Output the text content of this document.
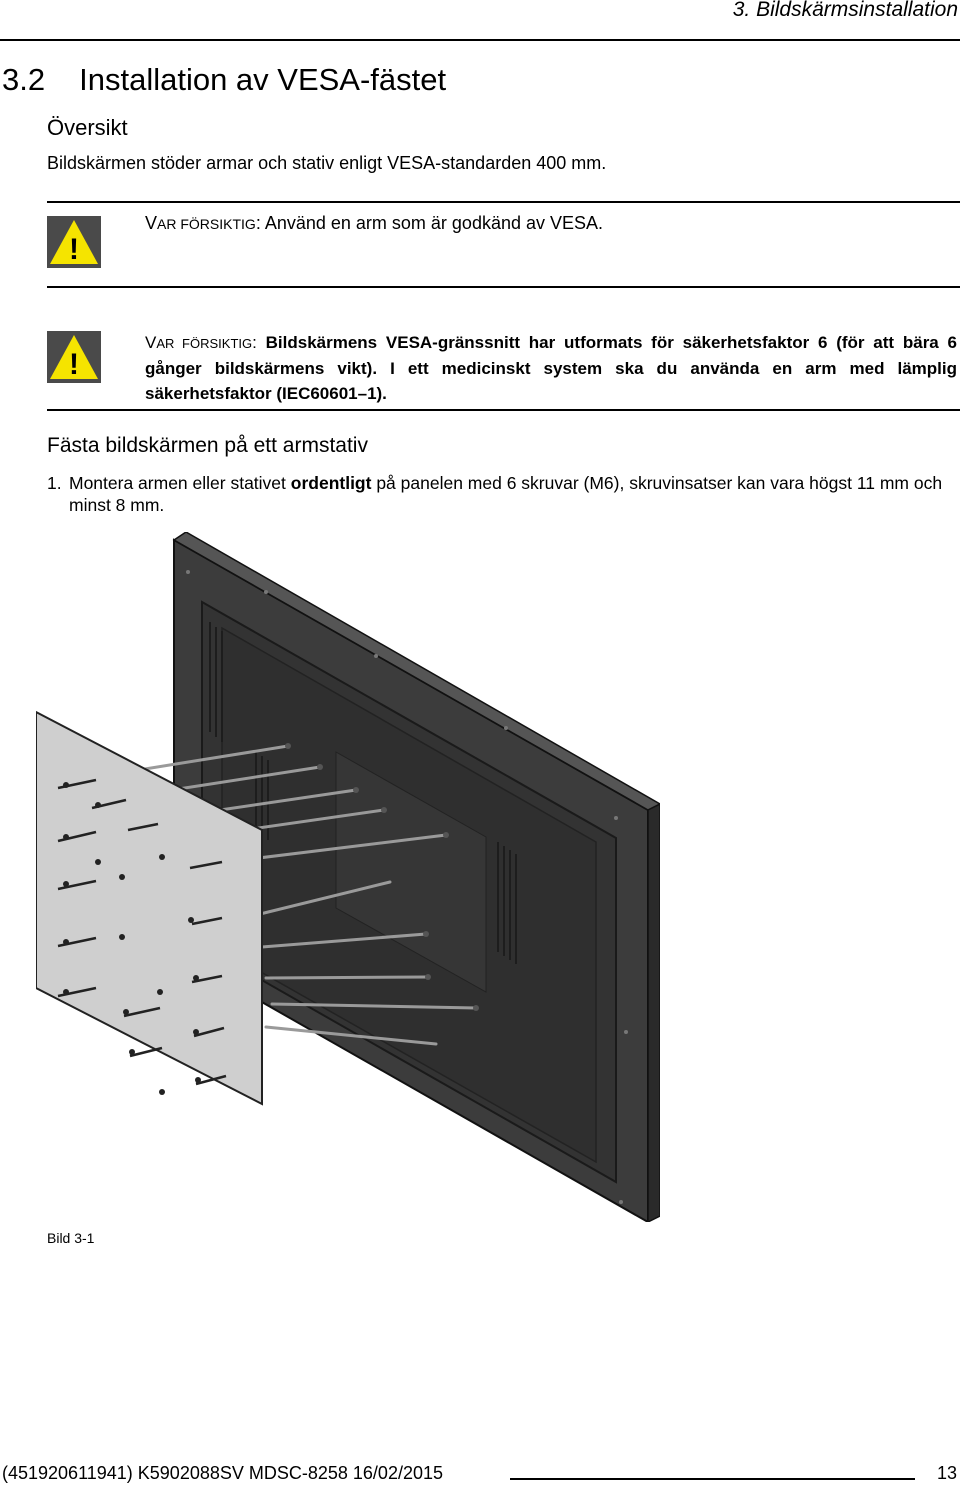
3. Bildskärmsinstallation
3.2 Installation av VESA-fästet
Översikt
Bildskärmen stöder armar och stativ enligt VESA-standarden 400 mm.
!
VAR FÖRSIKTIG: Använd en arm som är godkänd av VESA.
!
VAR FÖRSIKTIG: Bildskärmens VESA-gränssnitt har utformats för säkerhetsfaktor 6 (för att bära 6 gånger bildskärmens vikt). I ett medicinskt system ska du använda en arm med lämplig säkerhetsfaktor (IEC60601–1).
Fästa bildskärmen på ett armstativ
1. Montera armen eller stativet ordentligt på panelen med 6 skruvar (M6), skruvinsatser kan vara högst 11 mm och minst 8 mm.
Bild 3-1
(451920611941) K5902088SV MDSC-8258 16/02/2015	13
